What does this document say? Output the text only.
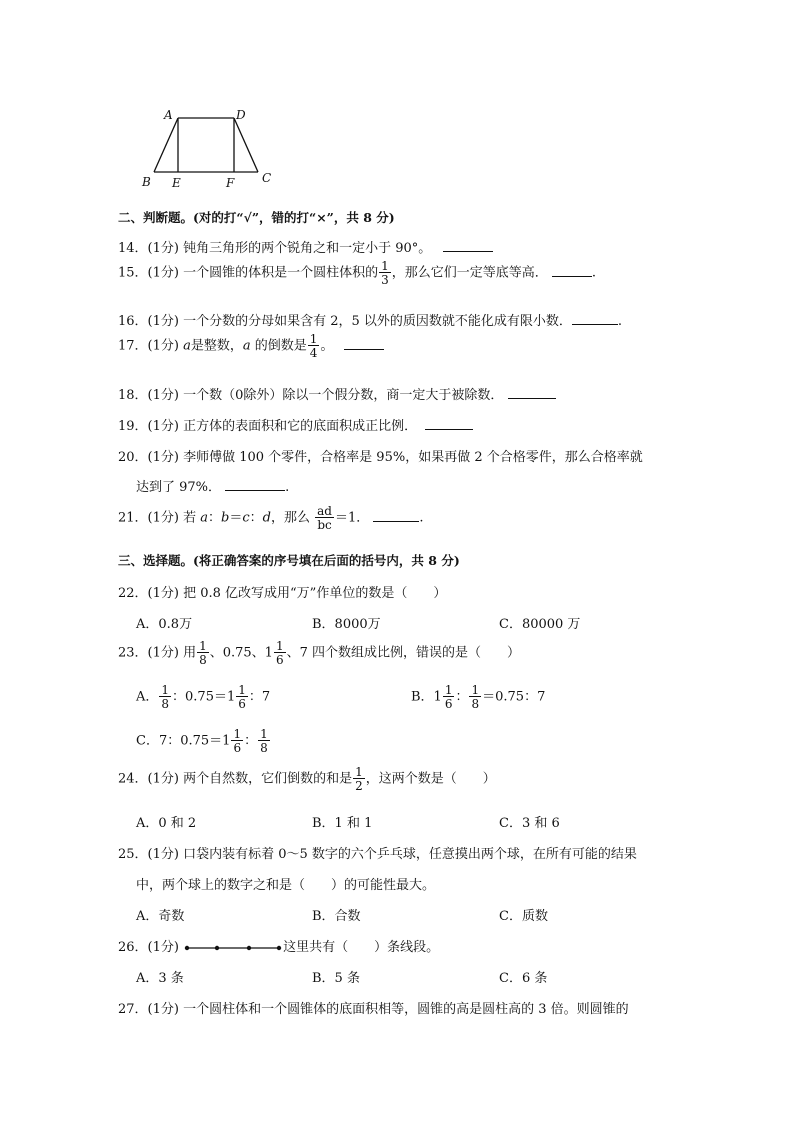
A	D
B E	F C
二、判断题。(对的打“√”，错的打“×”，共 8 分)
14．(1分) 钝角三角形的两个锐角之和一定小于 90°。
15．(1分) 一个圆锥的体积是一个圆柱体积的 $\frac{1}{3}$ ，那么它们一定等底等高．	.
16．(1分) 一个分数的分母如果含有 2，5 以外的质因数就不能化成有限小数．	.
17．(1分) a是整数，a 的倒数是 $\frac{1}{4}$ 。
18．(1分) 一个数（0除外）除以一个假分数，商一定大于被除数．
19．(1分) 正方体的表面积和它的底面积成正比例．
20．(1分) 李师傅做 100 个零件，合格率是 95%，如果再做 2 个合格零件，那么合格率就
达到了 97%．	.
21．(1分) 若 a：b＝c：d，那么 $\frac{ad}{bc} =1$．	.
三、选择题。(将正确答案的序号填在后面的括号内，共 8 分)
22．(1分) 把 0.8 亿改写成用“万”作单位的数是（　　）
A．0.8万	B．8000万	C．80000 万
23．(1分) 用 $\frac{1}{8}$ 、0.75、$1 \frac{1}{6}$ 、7 四个数组成比例，错误的是（　　）
A． $\frac{1}{8}$ ：$0.75=1 \frac{1}{6}$ ：7	B．$1 \frac{1}{6}$ ： $\frac{1}{8} =0.75$：7
C．7：$0.75=1 \frac{1}{6}$ ： $\frac{1}{8}$
24．(1分) 两个自然数，它们倒数的和是 $\frac{1}{2}$ ，这两个数是（　　）
A．0 和 2	B．1 和 1	C．3 和 6
25．(1分) 口袋内装有标着 0～5 数字的六个乒乓球，任意摸出两个球，在所有可能的结果
中，两个球上的数字之和是（　　）的可能性最大。
A．奇数	B．合数	C．质数
26．(1分)	这里共有（　　）条线段。
A．3 条	B．5 条	C．6 条
27．(1分) 一个圆柱体和一个圆锥体的底面积相等，圆锥的高是圆柱高的 3 倍。则圆锥的
